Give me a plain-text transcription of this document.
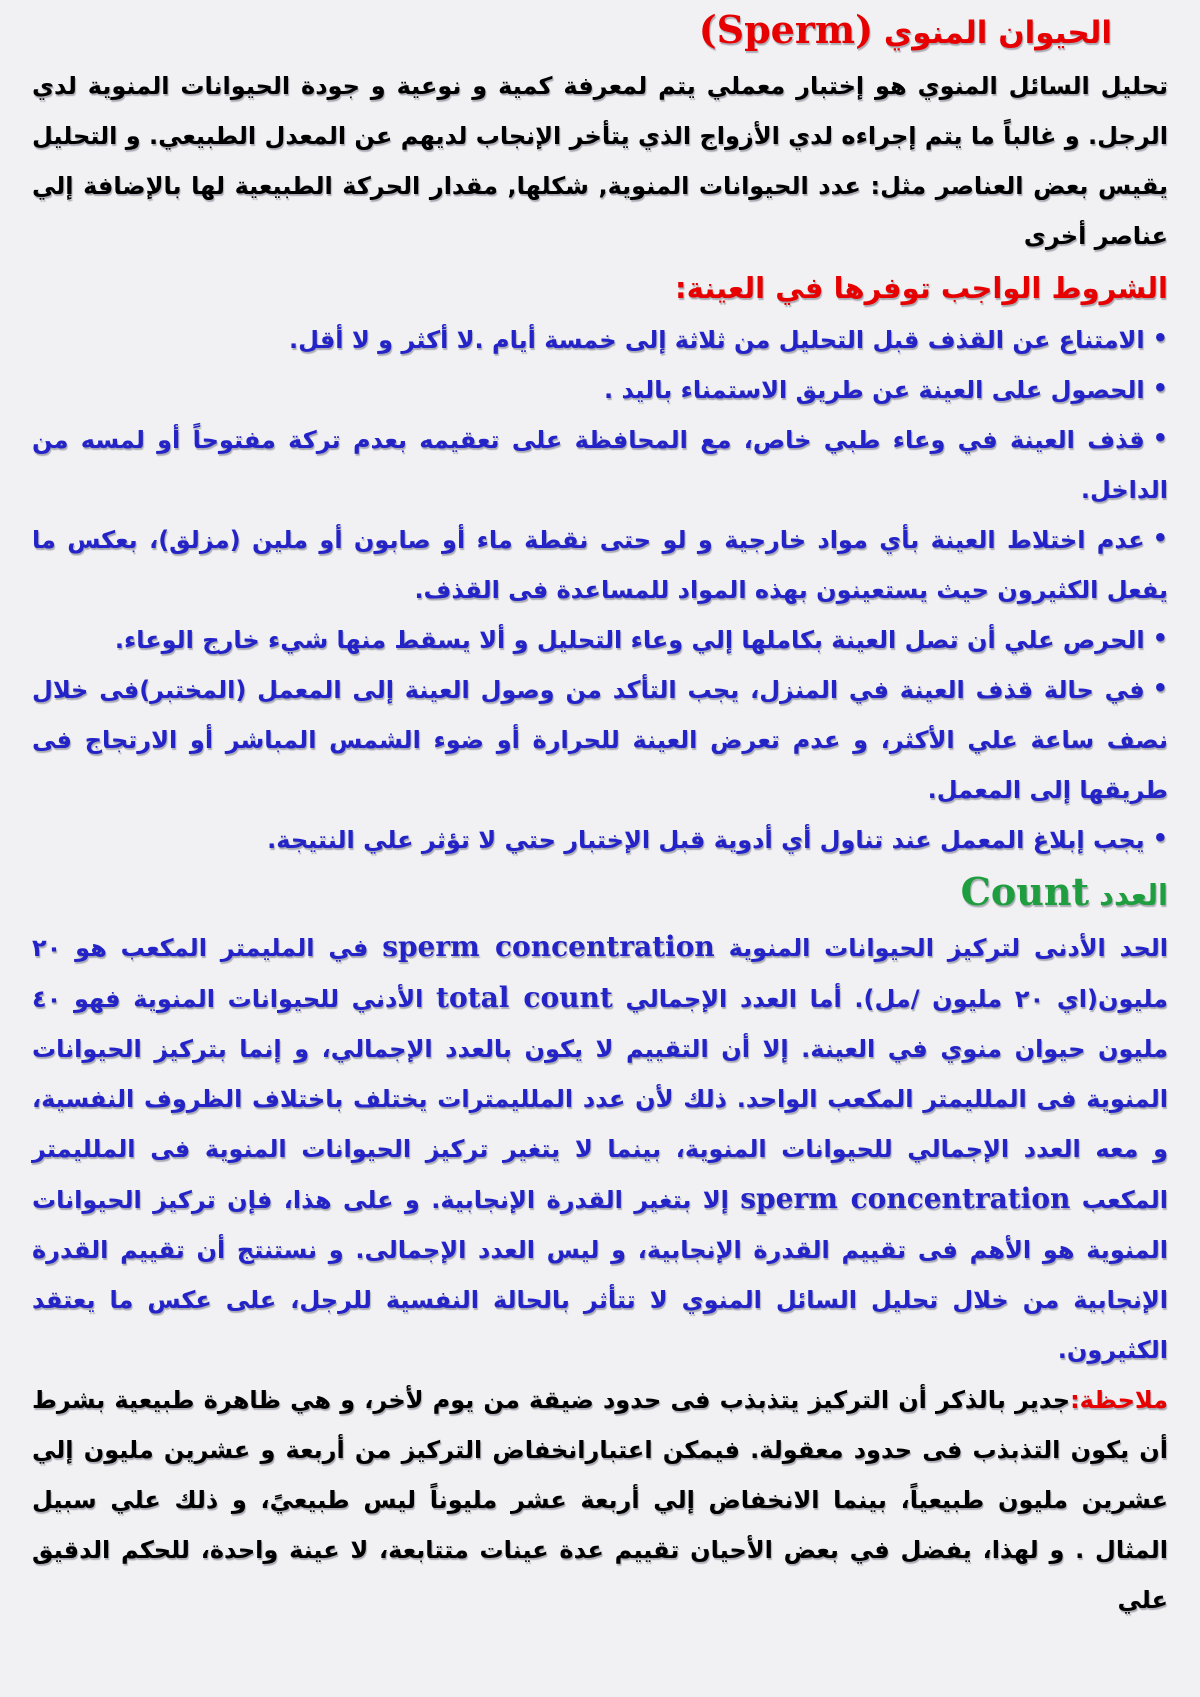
الحيوان المنوي (Sperm)

تحليل السائل المنوي هو إختبار معملي يتم لمعرفة كمية و نوعية و جودة الحيوانات المنوية لدي الرجل. و غالباً ما يتم إجراءه لدي الأزواج الذي يتأخر الإنجاب لديهم عن المعدل الطبيعي. و التحليل يقيس بعض العناصر مثل: عدد الحيوانات المنوية, شكلها, مقدار الحركة الطبيعية لها بالإضافة إلي عناصر أخرى

الشروط الواجب توفرها في العينة:
•الامتناع عن القذف قبل التحليل من ثلاثة إلى خمسة أيام .لا أكثر و لا أقل.
•الحصول على العينة عن طريق الاستمناء باليد .
•قذف العينة في وعاء طبي خاص، مع المحافظة على تعقيمه بعدم تركة مفتوحاً أو لمسه من الداخل.
•عدم اختلاط العينة بأي مواد خارجية و لو حتى نقطة ماء أو صابون أو ملين (مزلق)، بعكس ما يفعل الكثيرون حيث يستعينون بهذه المواد للمساعدة فى القذف.
•الحرص علي أن تصل العينة بكاملها إلي وعاء التحليل و ألا يسقط منها شيء خارج الوعاء.
•في حالة قذف العينة في المنزل، يجب التأكد من وصول العينة إلى المعمل (المختبر)فى خلال نصف ساعة علي الأكثر، و عدم تعرض العينة للحرارة أو ضوء الشمس المباشر أو الارتجاج فى طريقها إلى المعمل.
•يجب إبلاغ المعمل عند تناول أي أدوية قبل الإختبار حتي لا تؤثر علي النتيجة.
العدد Count

الحد الأدنى لتركيز الحيوانات المنوية sperm concentration في المليمتر المكعب هو ٢٠ مليون(اي ٢٠ مليون /مل). أما العدد الإجمالي total count الأدني للحيوانات المنوية فهو ٤٠ مليون حيوان منوي في العينة. إلا أن التقييم لا يكون بالعدد الإجمالي، و إنما بتركيز الحيوانات المنوية فى الملليمتر المكعب الواحد. ذلك لأن عدد الملليمترات يختلف باختلاف الظروف النفسية، و معه العدد الإجمالي للحيوانات المنوية، بينما لا يتغير تركيز الحيوانات المنوية فى الملليمتر المكعب sperm concentration إلا بتغير القدرة الإنجابية. و على هذا، فإن تركيز الحيوانات المنوية هو الأهم فى تقييم القدرة الإنجابية، و ليس العدد الإجمالى. و نستنتج أن تقييم القدرة الإنجابية من خلال تحليل السائل المنوي لا تتأثر بالحالة النفسية للرجل، على عكس ما يعتقد الكثيرون.

ملاحظة:جدير بالذكر أن التركيز يتذبذب فى حدود ضيقة من يوم لأخر، و هي ظاهرة طبيعية بشرط أن يكون التذبذب فى حدود معقولة. فيمكن اعتبارانخفاض التركيز من أربعة و عشرين مليون إلي عشرين مليون طبيعياً، بينما الانخفاض إلي أربعة عشر مليوناً ليس طبيعيً، و ذلك علي سبيل المثال . و لهذا، يفضل في بعض الأحيان تقييم عدة عينات متتابعة، لا عينة واحدة، للحكم الدقيق علي
